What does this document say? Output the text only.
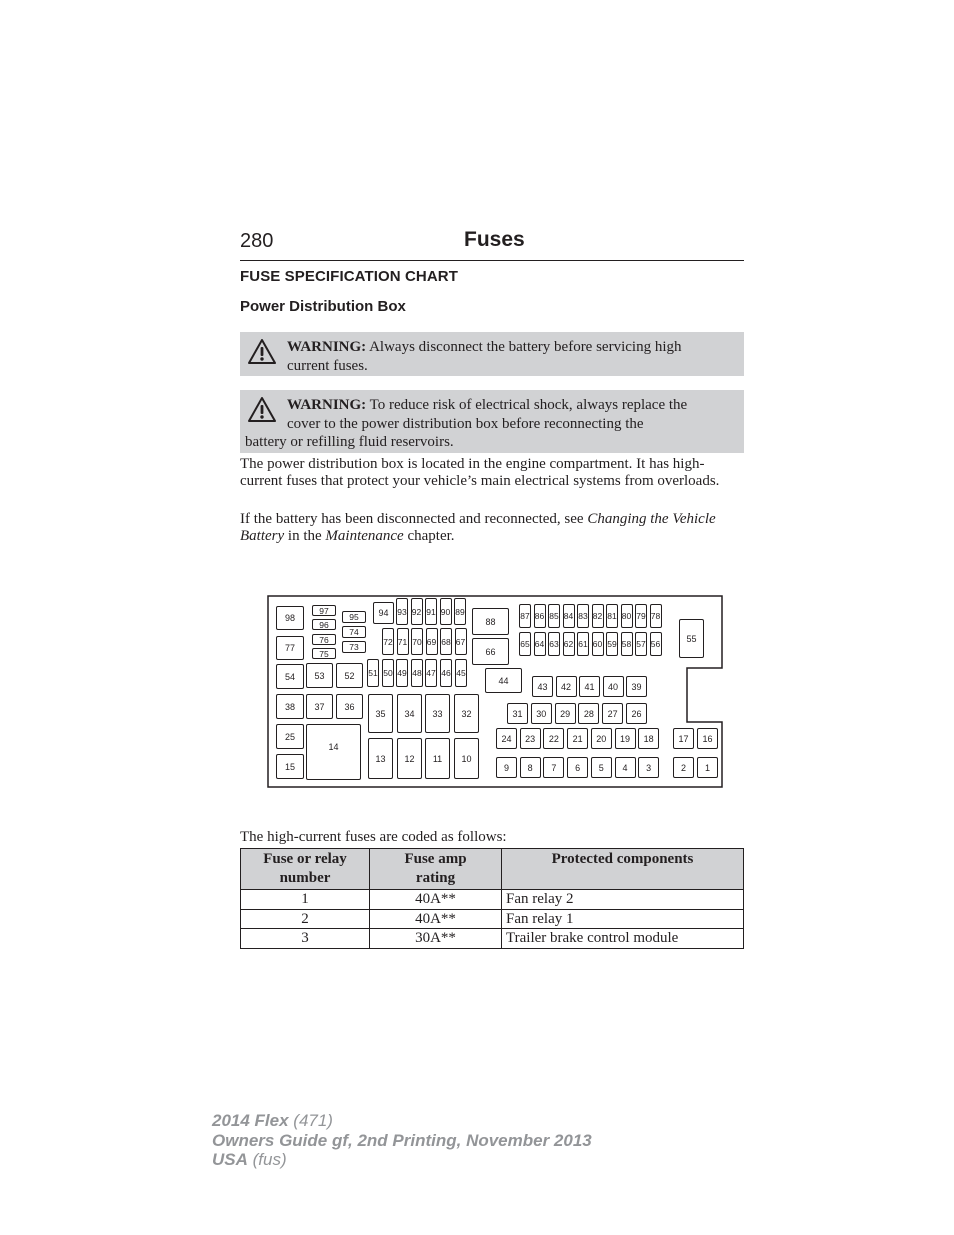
280	Fuses
FUSE SPECIFICATION CHART
Power Distribution Box
WARNING: Always disconnect the battery before servicing high
current fuses.
WARNING: To reduce risk of electrical shock, always replace the
cover to the power distribution box before reconnecting the
battery or refilling fluid reservoirs.
The power distribution box is located in the engine compartment. It has high-current fuses that protect your vehicle’s main electrical systems from overloads.
If the battery has been disconnected and reconnected, see Changing the Vehicle Battery in the Maintenance chapter.
1
2
3
4
5
6
7
8
9
10
11
12
13
14
15
16
17
18
19
20
21
22
23
24
25
26
27
28
29
30
31
32
33
34
35
36
37
38
39
40
41
42
43
44
45
46
47
48
49
50
51
52
53
54
55
56
57
58
59
60
61
62
63
64
65
66
67
68
69
70
71
72
73
74
75
76
77
78
79
80
81
82
83
84
85
86
87
88
89
90
91
92
93
94
95
96
97
98
The high-current fuses are coded as follows:
Fuse or relay
number	Fuse amp
rating	Protected components
1	40A**	Fan relay 2
2	40A**	Fan relay 1
3	30A**	Trailer brake control module
2014 Flex (471)
Owners Guide gf, 2nd Printing, November 2013
USA (fus)
